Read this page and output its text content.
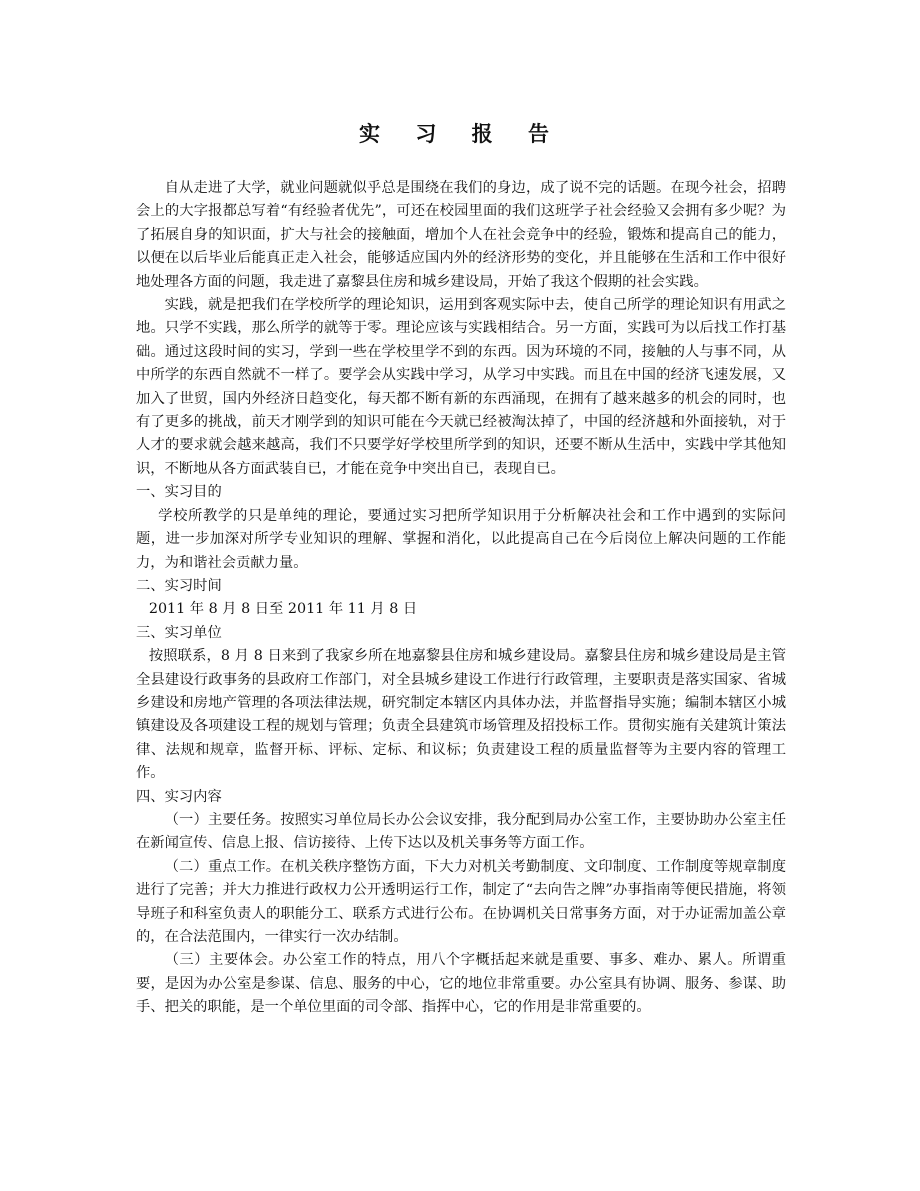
实 习 报 告

自从走进了大学，就业问题就似乎总是围绕在我们的身边，成了说不完的话题。在现今社会，招聘会上的大字报都总写着“有经验者优先”，可还在校园里面的我们这班学子社会经验又会拥有多少呢？为了拓展自身的知识面，扩大与社会的接触面，增加个人在社会竞争中的经验，锻炼和提高自己的能力，以便在以后毕业后能真正走入社会，能够适应国内外的经济形势的变化，并且能够在生活和工作中很好地处理各方面的问题，我走进了嘉黎县住房和城乡建设局，开始了我这个假期的社会实践。

实践，就是把我们在学校所学的理论知识，运用到客观实际中去，使自己所学的理论知识有用武之地。只学不实践，那么所学的就等于零。理论应该与实践相结合。另一方面，实践可为以后找工作打基础。通过这段时间的实习，学到一些在学校里学不到的东西。因为环境的不同，接触的人与事不同，从中所学的东西自然就不一样了。要学会从实践中学习，从学习中实践。而且在中国的经济飞速发展，又加入了世贸，国内外经济日趋变化，每天都不断有新的东西涌现，在拥有了越来越多的机会的同时，也有了更多的挑战，前天才刚学到的知识可能在今天就已经被淘汰掉了，中国的经济越和外面接轨，对于人才的要求就会越来越高，我们不只要学好学校里所学到的知识，还要不断从生活中，实践中学其他知识，不断地从各方面武装自已，才能在竞争中突出自已，表现自已。

一、实习目的

学校所教学的只是单纯的理论，要通过实习把所学知识用于分析解决社会和工作中遇到的实际问题，进一步加深对所学专业知识的理解、掌握和消化，以此提高自己在今后岗位上解决问题的工作能力，为和谐社会贡献力量。

二、实习时间

2011 年 8 月 8 日至 2011 年 11 月 8 日

三、实习单位

按照联系，8 月 8 日来到了我家乡所在地嘉黎县住房和城乡建设局。嘉黎县住房和城乡建设局是主管全县建设行政事务的县政府工作部门，对全县城乡建设工作进行行政管理，主要职责是落实国家、省城乡建设和房地产管理的各项法律法规，研究制定本辖区内具体办法，并监督指导实施；编制本辖区小城镇建设及各项建设工程的规划与管理；负责全县建筑市场管理及招投标工作。贯彻实施有关建筑计策法律、法规和规章，监督开标、评标、定标、和议标；负责建设工程的质量监督等为主要内容的管理工作。

四、实习内容

（一）主要任务。按照实习单位局长办公会议安排，我分配到局办公室工作，主要协助办公室主任在新闻宣传、信息上报、信访接待、上传下达以及机关事务等方面工作。

（二）重点工作。在机关秩序整饬方面，下大力对机关考勤制度、文印制度、工作制度等规章制度进行了完善；并大力推进行政权力公开透明运行工作，制定了“去向告之牌”办事指南等便民措施，将领导班子和科室负责人的职能分工、联系方式进行公布。在协调机关日常事务方面，对于办证需加盖公章的，在合法范围内，一律实行一次办结制。

（三）主要体会。办公室工作的特点，用八个字概括起来就是重要、事多、难办、累人。所谓重要，是因为办公室是参谋、信息、服务的中心，它的地位非常重要。办公室具有协调、服务、参谋、助手、把关的职能，是一个单位里面的司令部、指挥中心，它的作用是非常重要的。
